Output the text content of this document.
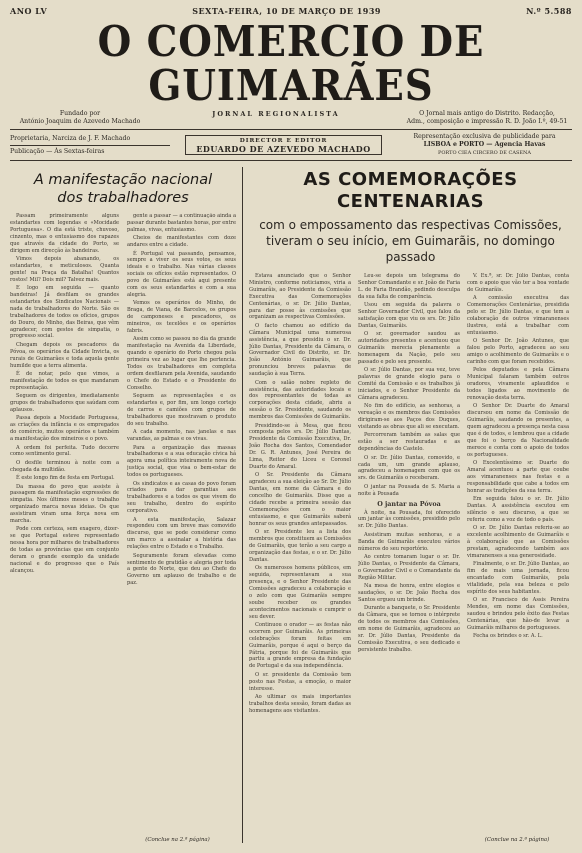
ANO LV	SEXTA-FEIRA, 10 DE MARÇO DE 1939	N.º 5.588
O COMERCIO DE GUIMARÃES
Fundado por
António Joaquim de Azevedo Machado
JORNAL REGIONALISTA	O Jornal mais antigo do Distrito. Redacção,
Adm., composição e impressão R. D. João I.º, 49-51
Proprietaria, Narciza de J. F. Machado
Publicação — Às Sextas-feiras
DIRECTOR E EDITOR
EDUARDO DE AZEVEDO MACHADO
Representação exclusiva de publicidade para
LISBOA e PORTO — Agencia Havas
PORTO CIEA CIRCERO DE CASENA
A manifestação nacional
dos trabalhadores

Passam primeiramente alguns estandartes com legendas e «Mocidade Portuguesa». O dia está triste, chuvoso, cinzento, mas o entusiasmo dos rapazes que através da cidade do Porto, se dirigem em direcção às bandeiras.

Vimos depois abanando, os estandartes, e meticulosos. Quanta gente! na Praça da Batalha! Quantos rostos! Mil? Dois mil? Talvez mais.

E logo em seguida — quanto bandeiras! Já desfilam os grandes estandartes dos Sindicatos Nacionais — nada de trabalhadores do Norte. São os trabalhadores de todos os ofícios, grupos do Douro, do Minho, das Beiras, que vêm agradecer, com gestos de simpatia, o progresso social.

Chegam depois os pescadores da Póvoa, os operários da Cidade Invicta, os rurais de Guimarães e toda aquela gente humilde que a terra alimenta.

É de notar, pelo que vimos, a manifestação de todos os que mandaram representação.

Seguem os dirigentes, imediatamente grupos de trabalhadores que saúdam com aplausos.

Passa depois a Mocidade Portuguesa, as criações da infância e os empregados do comércio, muitos operários e também a manifestação dos mineiros e o povo.

A ordem foi perfeita. Tudo decorre como sentimento geral.

O desfile terminou à noite com a chegada da multidão.

É este longo fim de festa em Portugal.

Da massa do povo que assiste à passagem da manifestação expressões de simpatia. Nos últimos meses o trabalho organizado marca novas ideias. Os que assistiram viram uma força nova em marcha.

Pode com certeza, sem exagero, dizer-se que Portugal esteve representado nessa hora por milhares de trabalhadores de todas as províncias que em conjunto deram o grande exemplo da unidade nacional e do progresso que o País alcançou.

gente a passar — a continuação ainda a passar durante bastantes horas, por entre palmas, vivas, entusiasmo.

Cheios de manifestantes com doze andares entre a cidade.

É Portugal vai passando, pensamos, sempre a viver os seus votos, os seus ideais e o trabalho. Nas várias classes sociais os ofícios estão representados. O povo de Guimarães está aqui presente com os seus estandartes e com a sua alegria.

Vemos os operários do Minho, de Braga, de Viana, de Barcelos, os grupos de camponeses e pescadores, os mineiros, os tecelões e os operários fabris.

Assim como se passou no dia da grande manifestação na Avenida da Liberdade, quando o operário do Porto chegou pela primeira vez ao lugar que lhe pertencia. Todos os trabalhadores em completa ordem desfilaram pela Avenida, saudando o Chefe do Estado e o Presidente do Conselho.

Seguem as representações e os estandartes e, por fim, um longo cortejo de carros e camiões com grupos de trabalhadores que mostravam o produto do seu trabalho.

A cada momento, nas janelas e nas varandas, as palmas e os vivas.

Para a organização das massas trabalhadoras e a sua educação cívica há agora uma política inteiramente nova de justiça social, que visa o bem-estar de todos os portugueses.

Os sindicatos e as casas do povo foram criados para dar garantias aos trabalhadores e a todos os que vivem do seu trabalho, dentro do espírito corporativo.

A esta manifestação, Salazar respondeu com um breve mas comovido discurso, que se pode considerar como um marco a assinalar a história das relações entre o Estado e o Trabalho.

Seguramente foram elevadas como sentimento de gratidão e alegria por toda a gente do Norte, que deu ao Chefe do Governo um aplauso de trabalho e de paz.

(Conclue na 2.ª página)
AS COMEMORAÇÕES CENTENARIAS
com o empossamento das respectivas Comissões, tiveram o seu início, em Guimarãis, no domingo passado

Estava anunciado que o Senhor Ministro, conforme noticiamos, viria a Guimarãis, ao Presidente da Comissão Executiva das Comemorações Centenárias, o sr. Dr. Júlio Dantas, para dar posse às comissões que organizam as respectivas Comissões.

O facto chamou ao edifício da Câmara Municipal uma numerosa assistência, a que presidiu o sr. Dr. Júlio Dantas, Presidente da Câmara, o Governador Civil do Distrito, sr. Dr. João António Guimarãis, que pronunciou breves palavras de saudação à sua Terra.

Com o salão nobre repleto de assistência, das autoridades locais e dos representantes de todas as corporações desta cidade, abriu a sessão o Sr. Presidente, saudando os membros das Comissões de Guimarãis.

Presidindo-se à Mesa, que ficou composta pelos srs. Dr. Júlio Dantas, Presidente da Comissão Executiva, Dr. João Rocha dos Santos, Comendador Dr. G. R. Antunes, José Pereira de Lima, Reitor do Liceu e Coronel Duarte do Amaral.

O Sr. Presidente da Câmara agradeceu a sua eleição ao Sr. Dr. Júlio Dantas, em nome da Câmara e do concelho de Guimarãis. Disse que a cidade recebe a primeira sessão das Comemorações com o maior entusiasmo, e que Guimarãis saberá honrar os seus grandes antepassados.

O sr. Presidente leu a lista dos membros que constituem as Comissões de Guimarãis, que terão a seu cargo a organização das festas, e o sr. Dr. Júlio Dantas.

Os numerosos homens públicos, em seguida, representavam a sua presença, e o Senhor Presidente das Comissões agradeceu a colaboração e o zelo com que Guimarãis sempre soube receber os grandes acontecimentos nacionais e cumprir o seu dever.

Continuou o orador — as festas não ocorrem por Guimarãis. As primeiras celebrações foram feitas em Guimarãis, porque é aqui o berço da Pátria, porque foi de Guimarãis que partiu a grande empresa da fundação de Portugal e da sua independência.

O sr. presidente da Comissão tem posto nas Festas, a emoção, o maior interesse.

Ao ultimar os mais importantes trabalhos desta sessão, foram dadas as homenagens aos visitantes.

Leu-se depois um telegrama do Senhor Comandante e sr. João de Faria L. de Faria Brandão, pedindo desculpa da sua falta de comparência.

Usou em seguida da palavra o Senhor Governador Civil, que falou da satisfação com que viu os srs. Dr. Júlio Dantas, Guimarãis.

O sr. governador saudou as autoridades presentes e acentuou que Guimarãis merecia plenamente a homenagem da Nação, pelo seu passado e pelo seu presente.

O sr. Júlio Dantas, por sua vez, teve palavras de grande elogio para o Comité da Comissão e os trabalhos já iniciados, e o Senhor Presidente da Câmara agradeceu.

No fim do edifício, as senhoras, a vereação e os membros das Comissões dirigiram-se aos Paços dos Duques, visitando as obras que ali se executam.

Percorreram também as salas que estão a ser restauradas e as dependências do Castelo.

O sr. Dr. Júlio Dantas, comovido, e cada um, um grande aplauso, agradeceu a homenagem com que os srs. de Guimarãis o receberam.

O jantar na Pousada de S. Maria a noite à Pousada

O jantar na Póvoa

À noite, na Pousada, foi oferecido um jantar às comissões, presidido pelo sr. Dr. Júlio Dantas.

Assistiram muitas senhoras, e a Banda de Guimarãis executou vários números do seu reportório.

Ao centro tomaram lugar o sr. Dr. Júlio Dantas, o Presidente da Câmara, o Governador Civil e o Comandante da Região Militar.

Na mesa de honra, entre elogios e saudações, o sr. Dr. João Rocha dos Santos ergueu um brinde.

Durante a banquete, o Sr. Presidente da Câmara, que se tornou o intérprete de todos os membros das Comissões, em nome de Guimarãis, agradeceu ao sr. Dr. Júlio Dantas, Presidente da Comissão Executiva, o seu dedicado e persistente trabalho.

V. Ex.ª, sr. Dr. Júlio Dantas, conta com o apoio que vão ter a boa vontade de Guimarãis.

A comissão executiva das Comemorações Centenárias, presidida pelo sr. Dr. Júlio Dantas, e que tem a colaboração de outros vimaranenses ilustres, está a trabalhar com entusiasmo.

O Senhor Dr. João Antunes, que falou pelo Porto, agradeceu ao seu amigo o acolhimento de Guimarãis e o carinho com que foram recebidos.

Pelos deputados e pela Câmara Municipal falaram também outros oradores, vivamente aplaudidos e todos ligados ao movimento de renovação desta terra.

O Senhor Dr. Duarte do Amaral discursou em nome da Comissão de Guimarãis, saudando os presentes, a quem agradeceu a presença nesta casa que é de todos, e lembrou que a cidade que foi o berço da Nacionalidade merece e conta com o apoio de todos os portugueses.

O Excelentíssimo sr. Duarte do Amaral acentuou a parte que coube aos vimaranenses nas festas e a responsabilidade que cabe a todos em honrar as tradições da sua terra.

Em seguida falou o sr. Dr. Júlio Dantas. A assistência escutou em silêncio o seu discurso, a que se referiu como a voz de todo o país.

O sr. Dr. Júlio Dantas referiu-se ao excelente acolhimento de Guimarãis e à colaboração que as Comissões prestam, agradecendo também aos vimaranenses a sua generosidade.

Finalmente, o sr. Dr. Júlio Dantas, ao fim de mais uma jornada, ficou encantado com Guimarãis, pela vitalidade, pela sua beleza e pelo espírito dos seus habitantes.

O sr. Francisco de Assis Pereira Mendes, em nome das Comissões, saudou e brindou pelo êxito das Festas Centenárias, que hão-de levar a Guimarãis milhares de portugueses.

Fecha os brindes o sr. A. L.

(Conclue na 2.ª página)
